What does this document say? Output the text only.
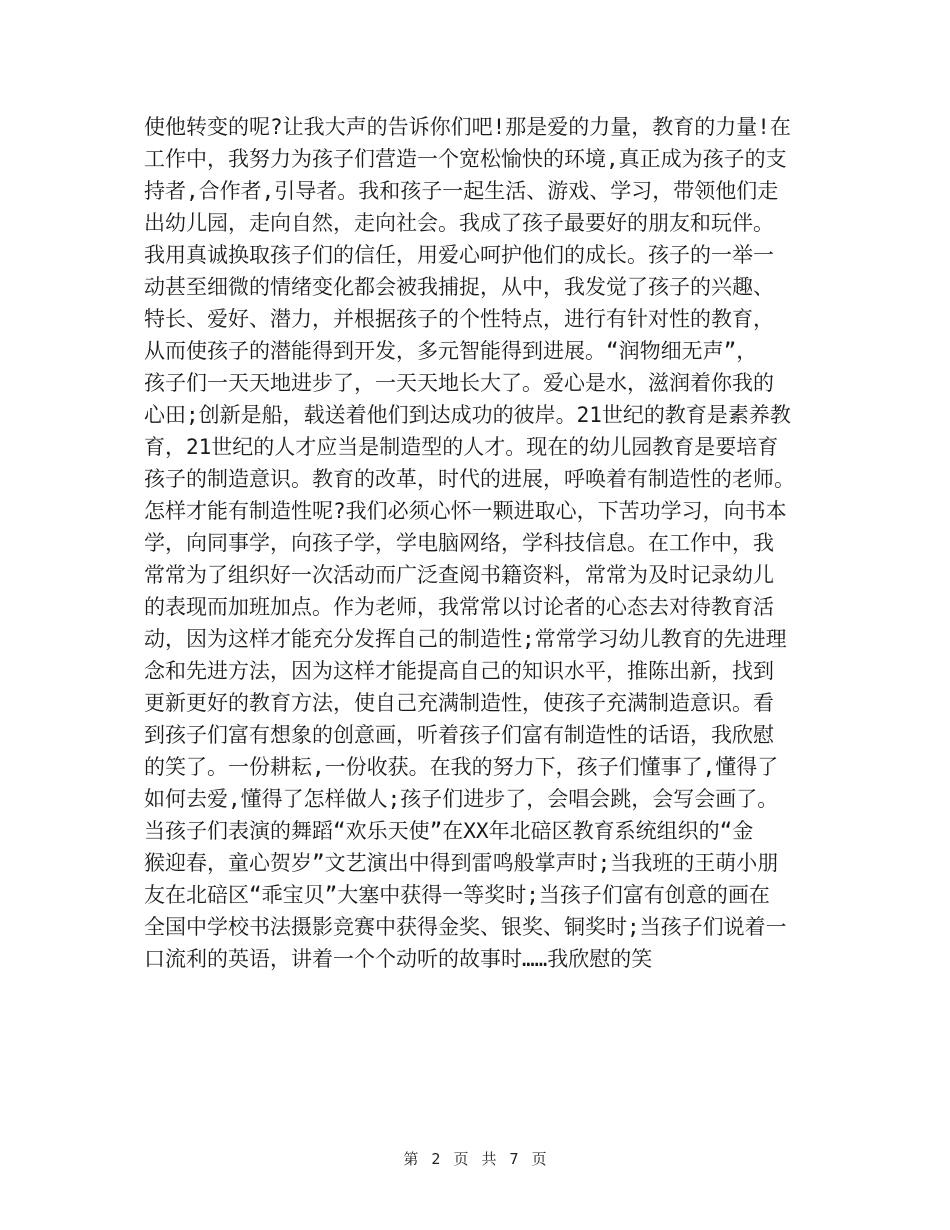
使他转变的呢?让我大声的告诉你们吧!那是爱的力量，教育的力量!在
工作中，我努力为孩子们营造一个宽松愉快的环境,真正成为孩子的支
持者,合作者,引导者。我和孩子一起生活、游戏、学习，带领他们走
出幼儿园，走向自然，走向社会。我成了孩子最要好的朋友和玩伴。
我用真诚换取孩子们的信任，用爱心呵护他们的成长。孩子的一举一
动甚至细微的情绪变化都会被我捕捉，从中，我发觉了孩子的兴趣、
特长、爱好、潜力，并根据孩子的个性特点，进行有针对性的教育，
从而使孩子的潜能得到开发，多元智能得到进展。“润物细无声”，
孩子们一天天地进步了，一天天地长大了。爱心是水，滋润着你我的
心田;创新是船，载送着他们到达成功的彼岸。21世纪的教育是素养教
育，21世纪的人才应当是制造型的人才。现在的幼儿园教育是要培育
孩子的制造意识。教育的改革，时代的进展，呼唤着有制造性的老师。
怎样才能有制造性呢?我们必须心怀一颗进取心，下苦功学习，向书本
学，向同事学，向孩子学，学电脑网络，学科技信息。在工作中，我
常常为了组织好一次活动而广泛查阅书籍资料，常常为及时记录幼儿
的表现而加班加点。作为老师，我常常以讨论者的心态去对待教育活
动，因为这样才能充分发挥自己的制造性;常常学习幼儿教育的先进理
念和先进方法，因为这样才能提高自己的知识水平，推陈出新，找到
更新更好的教育方法，使自己充满制造性，使孩子充满制造意识。看
到孩子们富有想象的创意画，听着孩子们富有制造性的话语，我欣慰
的笑了。一份耕耘,一份收获。在我的努力下，孩子们懂事了,懂得了
如何去爱,懂得了怎样做人;孩子们进步了，会唱会跳，会写会画了。
当孩子们表演的舞蹈“欢乐天使”在XX年北碚区教育系统组织的“金
猴迎春，童心贺岁”文艺演出中得到雷鸣般掌声时;当我班的王萌小朋
友在北碚区“乖宝贝”大塞中获得一等奖时;当孩子们富有创意的画在
全国中学校书法摄影竞赛中获得金奖、银奖、铜奖时;当孩子们说着一
口流利的英语，讲着一个个动听的故事时……我欣慰的笑
第 2 页 共 7 页
